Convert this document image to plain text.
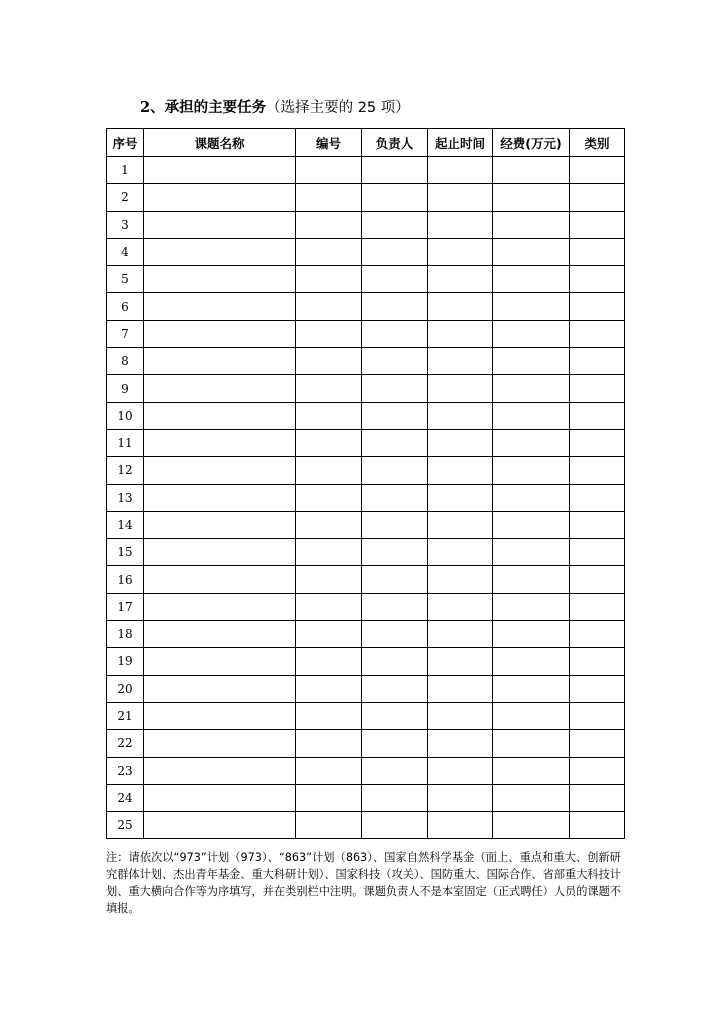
2、承担的主要任务（选择主要的 25 项）
序号	课题名称	编号	负责人	起止时间	经费(万元)	类别
1						
2						
3						
4						
5						
6						
7						
8						
9						
10						
11						
12						
13						
14						
15						
16						
17						
18						
19						
20						
21						
22						
23						
24						
25						
注：请依次以“973”计划（973）、“863”计划（863）、国家自然科学基金（面上、重点和重大、创新研究群体计划、杰出青年基金、重大科研计划）、国家科技（攻关）、国防重大、国际合作、省部重大科技计划、重大横向合作等为序填写，并在类别栏中注明。课题负责人不是本室固定（正式聘任）人员的课题不填报。
